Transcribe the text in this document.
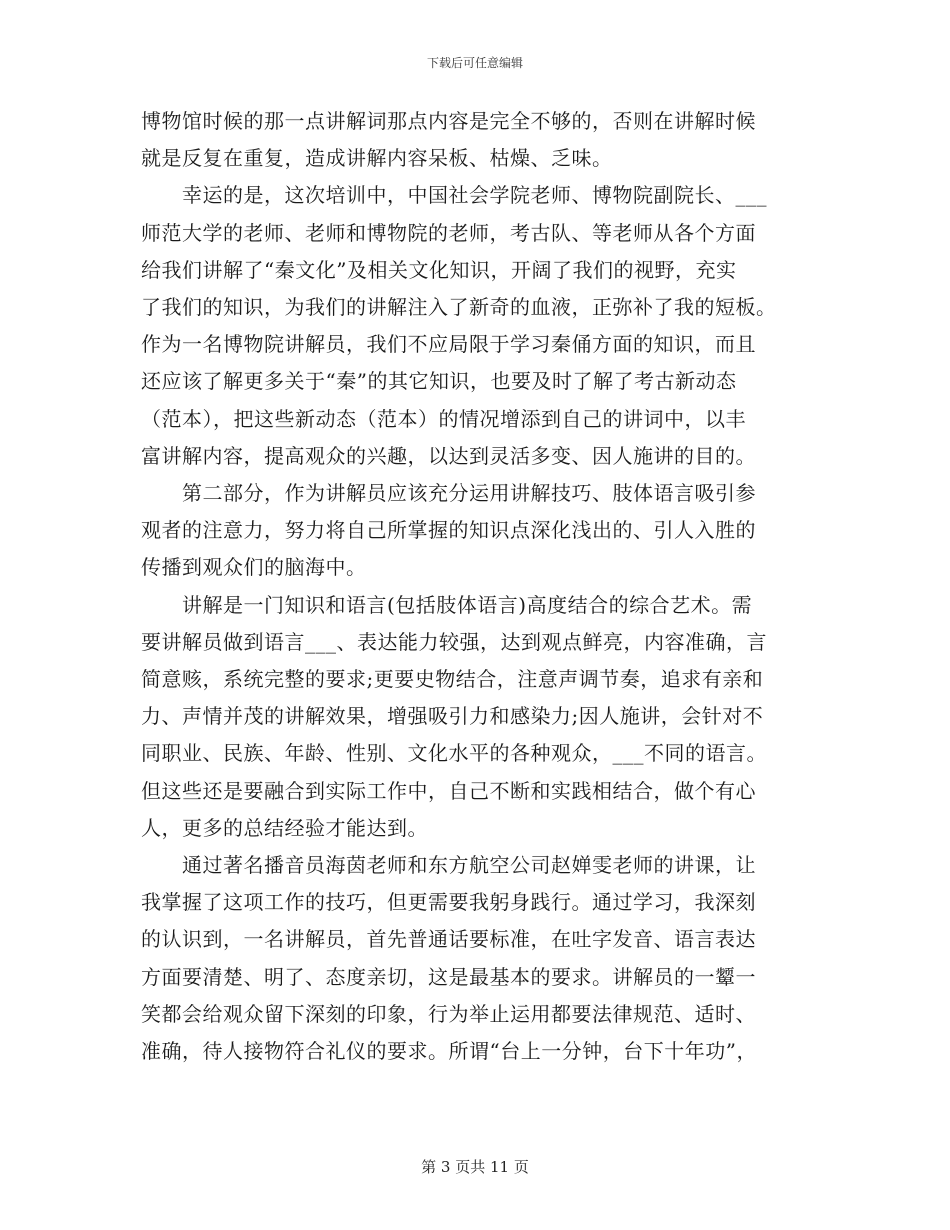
下载后可任意编辑

博物馆时候的那一点讲解词那点内容是完全不够的，否则在讲解时候
就是反复在重复，造成讲解内容呆板、枯燥、乏味。

　　幸运的是，这次培训中，中国社会学院老师、博物院副院长、___
师范大学的老师、老师和博物院的老师，考古队、等老师从各个方面
给我们讲解了“秦文化”及相关文化知识，开阔了我们的视野，充实
了我们的知识，为我们的讲解注入了新奇的血液，正弥补了我的短板。
作为一名博物院讲解员，我们不应局限于学习秦俑方面的知识，而且
还应该了解更多关于“秦”的其它知识，也要及时了解了考古新动态
（范本），把这些新动态（范本）的情况增添到自己的讲词中，以丰
富讲解内容，提高观众的兴趣，以达到灵活多变、因人施讲的目的。

　　第二部分，作为讲解员应该充分运用讲解技巧、肢体语言吸引参
观者的注意力，努力将自己所掌握的知识点深化浅出的、引人入胜的
传播到观众们的脑海中。

　　讲解是一门知识和语言(包括肢体语言)高度结合的综合艺术。需
要讲解员做到语言___、表达能力较强，达到观点鲜亮，内容准确，言
简意赅，系统完整的要求;更要史物结合，注意声调节奏，追求有亲和
力、声情并茂的讲解效果，增强吸引力和感染力;因人施讲，会针对不
同职业、民族、年龄、性别、文化水平的各种观众，___不同的语言。
但这些还是要融合到实际工作中，自己不断和实践相结合，做个有心
人，更多的总结经验才能达到。

　　通过著名播音员海茵老师和东方航空公司赵婵雯老师的讲课，让
我掌握了这项工作的技巧，但更需要我躬身践行。通过学习，我深刻
的认识到，一名讲解员，首先普通话要标准，在吐字发音、语言表达
方面要清楚、明了、态度亲切，这是最基本的要求。讲解员的一颦一
笑都会给观众留下深刻的印象，行为举止运用都要法律规范、适时、
准确，待人接物符合礼仪的要求。所谓“台上一分钟，台下十年功”，

第 3 页共 11 页
